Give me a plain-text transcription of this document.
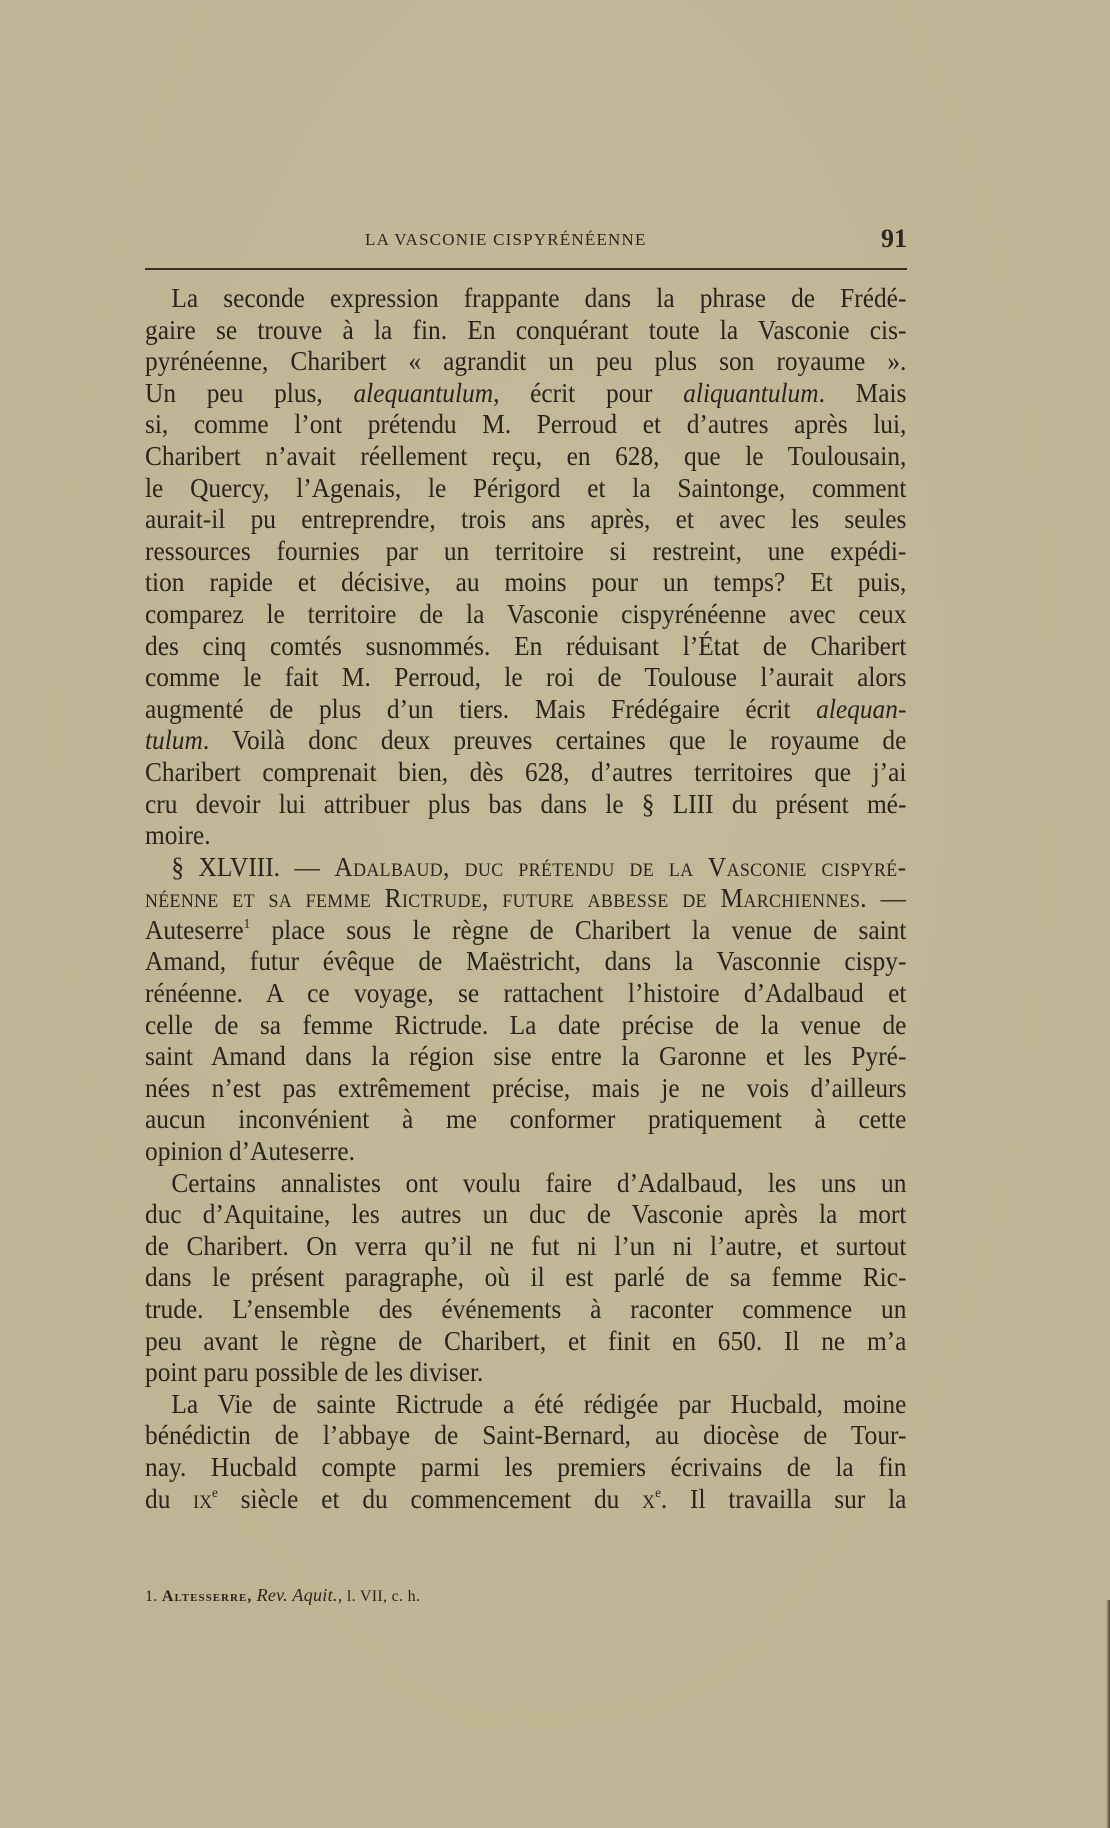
LA VASCONIE CISPYRÉNÉENNE	91
La seconde expression frappante dans la phrase de Frédé-
gaire se trouve à la fin. En conquérant toute la Vasconie cis-
pyrénéenne, Charibert « agrandit un peu plus son royaume ».
Un peu plus, alequantulum, écrit pour aliquantulum. Mais
si, comme l’ont prétendu M. Perroud et d’autres après lui,
Charibert n’avait réellement reçu, en 628, que le Toulousain,
le Quercy, l’Agenais, le Périgord et la Saintonge, comment
aurait-il pu entreprendre, trois ans après, et avec les seules
ressources fournies par un territoire si restreint, une expédi-
tion rapide et décisive, au moins pour un temps? Et puis,
comparez le territoire de la Vasconie cispyrénéenne avec ceux
des cinq comtés susnommés. En réduisant l’État de Charibert
comme le fait M. Perroud, le roi de Toulouse l’aurait alors
augmenté de plus d’un tiers. Mais Frédégaire écrit alequan-
tulum. Voilà donc deux preuves certaines que le royaume de
Charibert comprenait bien, dès 628, d’autres territoires que j’ai
cru devoir lui attribuer plus bas dans le § LIII du présent mé-
moire.
§ XLVIII. — Adalbaud, duc prétendu de la Vasconie cispyré-
néenne et sa femme Rictrude, future abbesse de Marchiennes. —
Auteserre$^1$ place sous le règne de Charibert la venue de saint
Amand, futur évêque de Maëstricht, dans la Vasconnie cispy-
rénéenne. A ce voyage, se rattachent l’histoire d’Adalbaud et
celle de sa femme Rictrude. La date précise de la venue de
saint Amand dans la région sise entre la Garonne et les Pyré-
nées n’est pas extrêmement précise, mais je ne vois d’ailleurs
aucun inconvénient à me conformer pratiquement à cette
opinion d’Auteserre.
Certains annalistes ont voulu faire d’Adalbaud, les uns un
duc d’Aquitaine, les autres un duc de Vasconie après la mort
de Charibert. On verra qu’il ne fut ni l’un ni l’autre, et surtout
dans le présent paragraphe, où il est parlé de sa femme Ric-
trude. L’ensemble des événements à raconter commence un
peu avant le règne de Charibert, et finit en 650. Il ne m’a
point paru possible de les diviser.
La Vie de sainte Rictrude a été rédigée par Hucbald, moine
bénédictin de l’abbaye de Saint-Bernard, au diocèse de Tour-
nay. Hucbald compte parmi les premiers écrivains de la fin
du $ix^e$ siècle et du commencement du $x^e$. Il travailla sur la
1. Altesserre, Rev. Aquit., l. VII, c. h.
